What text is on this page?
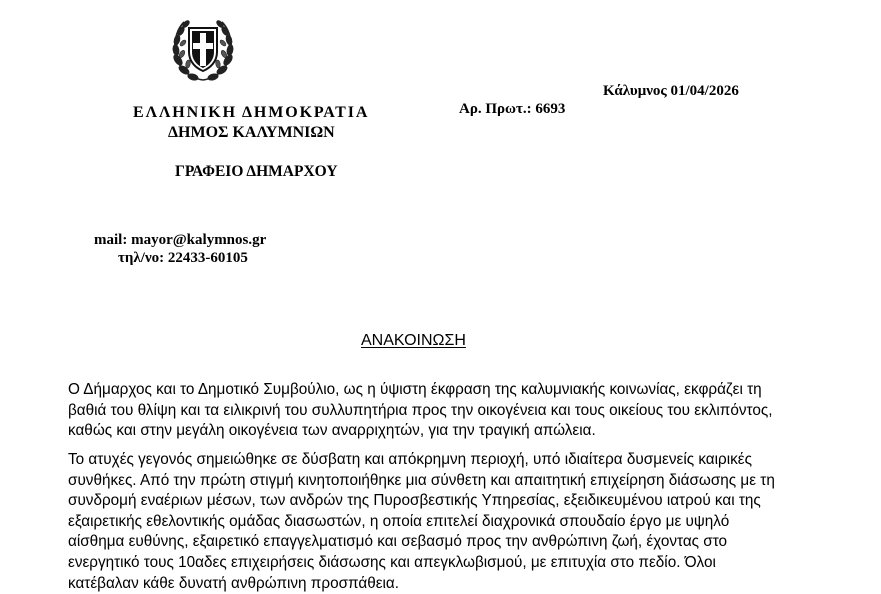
ΕΛΛΗΝΙΚΗ ΔΗΜΟΚΡΑΤΙΑ
ΔΗΜΟΣ ΚΑΛΥΜΝΙΩΝ
ΓΡΑΦΕΙΟ ΔΗΜΑΡΧΟΥ
Αρ. Πρωτ.: 6693
Κάλυμνος 01/04/2026
mail: mayor@kalymnos.gr
τηλ/νο: 22433-60105
ΑΝΑΚΟΙΝΩΣΗ
Ο Δήμαρχος και το Δημοτικό Συμβούλιο, ως η ύψιστη έκφραση της καλυμνιακής κοινωνίας, εκφράζει τη
βαθιά του θλίψη και τα ειλικρινή του συλλυπητήρια προς την οικογένεια και τους οικείους του εκλιπόντος,
καθώς και στην μεγάλη οικογένεια των αναρριχητών, για την τραγική απώλεια.
Το ατυχές γεγονός σημειώθηκε σε δύσβατη και απόκρημνη περιοχή, υπό ιδιαίτερα δυσμενείς καιρικές
συνθήκες. Από την πρώτη στιγμή κινητοποιήθηκε μια σύνθετη και απαιτητική επιχείρηση διάσωσης με τη
συνδρομή εναέριων μέσων, των ανδρών της Πυροσβεστικής Υπηρεσίας, εξειδικευμένου ιατρού και της
εξαιρετικής εθελοντικής ομάδας διασωστών, η οποία επιτελεί διαχρονικά σπουδαίο έργο με υψηλό
αίσθημα ευθύνης, εξαιρετικό επαγγελματισμό και σεβασμό προς την ανθρώπινη ζωή, έχοντας στο
ενεργητικό τους 10αδες επιχειρήσεις διάσωσης και απεγκλωβισμού, με επιτυχία στο πεδίο. Όλοι
κατέβαλαν κάθε δυνατή ανθρώπινη προσπάθεια.
